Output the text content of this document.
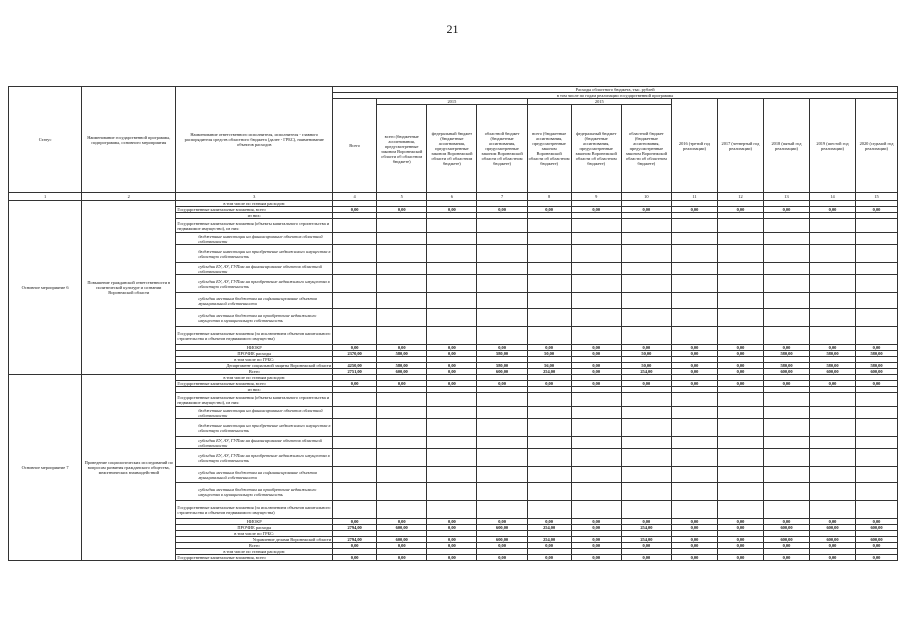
21
Статус	Наименование государственной программы, подпрограммы, основного мероприятия	Наименование ответственного исполнителя, исполнителя - главного распорядителя средств областного бюджета (далее - ГРБС), наименование объектов расходов	Расходы областного бюджета, тыс. рублей											
			в том числе по годам реализации государственной программы											
			Всего	2015			2015			2016 (третий год реализации)	2017 (четвертый год реализации)	2018 (пятый год реализации)	2019 (шестой год реализации)	2020 (седьмой год реализации)
				всего (бюджетные ассигнования, предусмотренные законом Воронежской области об областном бюджете)	федеральный бюджет (бюджетные ассигнования, предусмотренные законом Воронежской области об областном бюджете)	областной бюджет (бюджетные ассигнования, предусмотренные законом Воронежской области об областном бюджете)	всего (бюджетные ассигнования, предусмотренные законом Воронежской области об областном бюджете)	федеральный бюджет (бюджетные ассигнования, предусмотренные законом Воронежской области об областном бюджете)	областной бюджет (бюджетные ассигнования, предусмотренные законом Воронежской области об областном бюджете)					
1	2	3	4	5	6	7	8	9	10	11	12	13	14	15
Основное мероприятие 6	Повышение гражданской ответственности в политической культуре и сознании Воронежской области	в том числе по статьям расходов:												
		Государственные капитальные вложения, всего	0,00	0,00	0,00	0,00	0,00	0,00	0,00	0,00	0,00	0,00	0,00	0,00
		из них:												
		Государственные капитальные вложения (объекты капитального строительства и недвижимое имущество), из них:												
		бюджетные инвестиции на финансирование объектов областной собственности												
		бюджетные инвестиции на приобретение недвижимого имущества в областную собственность												
		субсидии БУ, АУ, ГУПам на финансирование объектов областной собственности												
		субсидии БУ, АУ, ГУПам на приобретение недвижимого имущества в областную собственность												
		субсидии местным бюджетам на софинансирование объектов муниципальной собственности												
		субсидии местным бюджетам на приобретение недвижимого имущества в муниципальную собственность												
		Государственные капитальные вложения (за исключением объектов капитального строительства и объектов недвижимого имущества)												
		НИОКР	0,00	0,00	0,00	0,00	0,00	0,00	0,00	0,00	0,00	0,00	0,00	0,00
		ПРОЧИЕ расходы	2370,00	580,00	0,00	580,00	50,00	0,00	50,00	0,00	0,00	580,00	580,00	580,00
		в том числе по ГРБС:												
		Департамент социальной защиты Воронежской области	4250,00	580,00	0,00	580,00	56,00	0,00	50,00	0,00	0,00	580,00	580,00	580,00
		Всего	2751,00	600,00	0,00	600,00	254,00	0,00	254,00	0,00	0,00	600,00	600,00	600,00
Основное мероприятие 7	Проведение социологических исследований по вопросам развития гражданского общества, межэтнических взаимодействий	в том числе по статьям расходов:												
		Государственные капитальные вложения, всего	0,00	0,00	0,00	0,00	0,00	0,00	0,00	0,00	0,00	0,00	0,00	0,00
		из них:												
		Государственные капитальные вложения (объекты капитального строительства и недвижимое имущество), из них:												
		бюджетные инвестиции на финансирование объектов областной собственности												
		бюджетные инвестиции на приобретение недвижимого имущества в областную собственность												
		субсидии БУ, АУ, ГУПам на финансирование объектов областной собственности												
		субсидии БУ, АУ, ГУПам на приобретение недвижимого имущества в областную собственность												
		субсидии местным бюджетам на софинансирование объектов муниципальной собственности												
		субсидии местным бюджетам на приобретение недвижимого имущества в муниципальную собственность												
		Государственные капитальные вложения (за исключением объектов капитального строительства и объектов недвижимого имущества)												
		НИОКР	0,00	0,00	0,00	0,00	0,00	0,00	0,00	0,00	0,00	0,00	0,00	0,00
		ПРОЧИЕ расходы	2794,00	600,00	0,00	600,00	254,00	0,00	254,00	0,00	0,00	600,00	600,00	600,00
		в том числе по ГРБС:												
		Управление делами Воронежской области	2794,00	600,00	0,00	600,00	254,00	0,00	254,00	0,00	0,00	600,00	600,00	600,00
		Всего	0,00	0,00	0,00	0,00	0,00	0,00	0,00	0,00	0,00	0,00	0,00	0,00
		в том числе по статьям расходов:												
		Государственные капитальные вложения, всего	0,00	0,00	0,00	0,00	0,00	0,00	0,00	0,00	0,00	0,00	0,00	0,00
